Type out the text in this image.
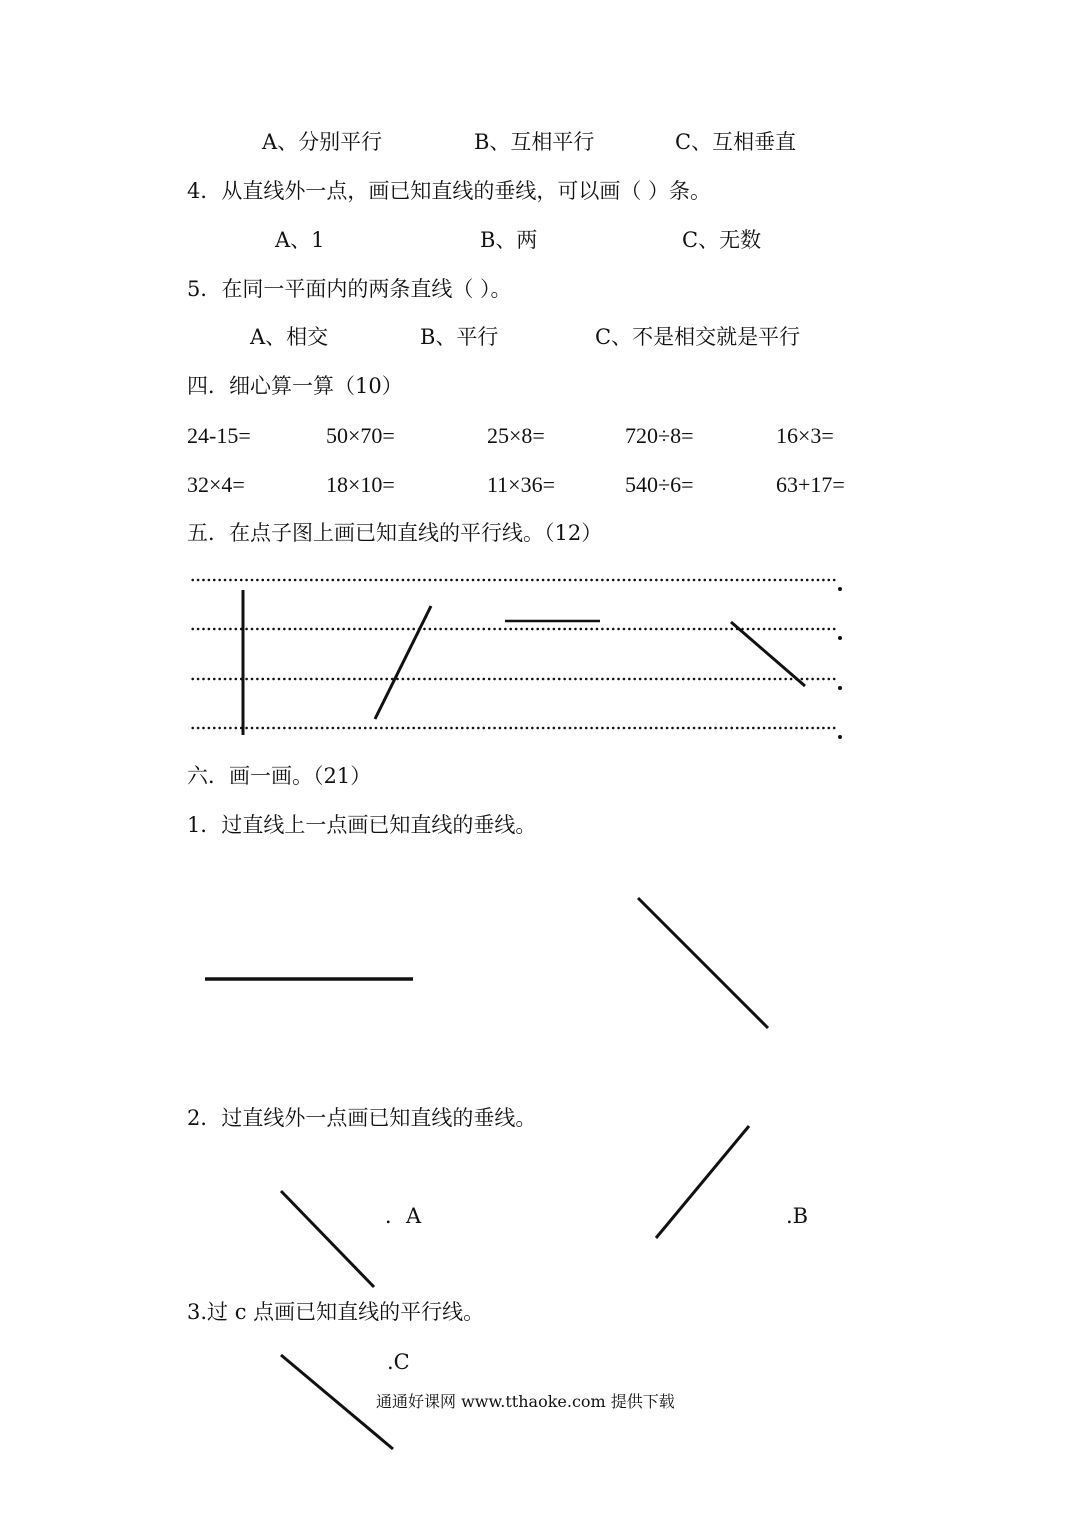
A、分别平行	B、互相平行	C、互相垂直
4．从直线外一点，画已知直线的垂线，可以画（ ）条。
A、1	B、两	C、无数
5．在同一平面内的两条直线（ ）。
A、相交	B、平行	C、不是相交就是平行
四．细心算一算（10）
24-15=	50×70=	25×8=	720÷8=	16×3=
32×4=	18×10=	11×36=	540÷6=	63+17=
五．在点子图上画已知直线的平行线。（12）
六．画一画。（21）
1．过直线上一点画已知直线的垂线。
2．过直线外一点画已知直线的垂线。
．A	.B
3.过 c 点画已知直线的平行线。
.C
通通好课网 www.tthaoke.com 提供下载
